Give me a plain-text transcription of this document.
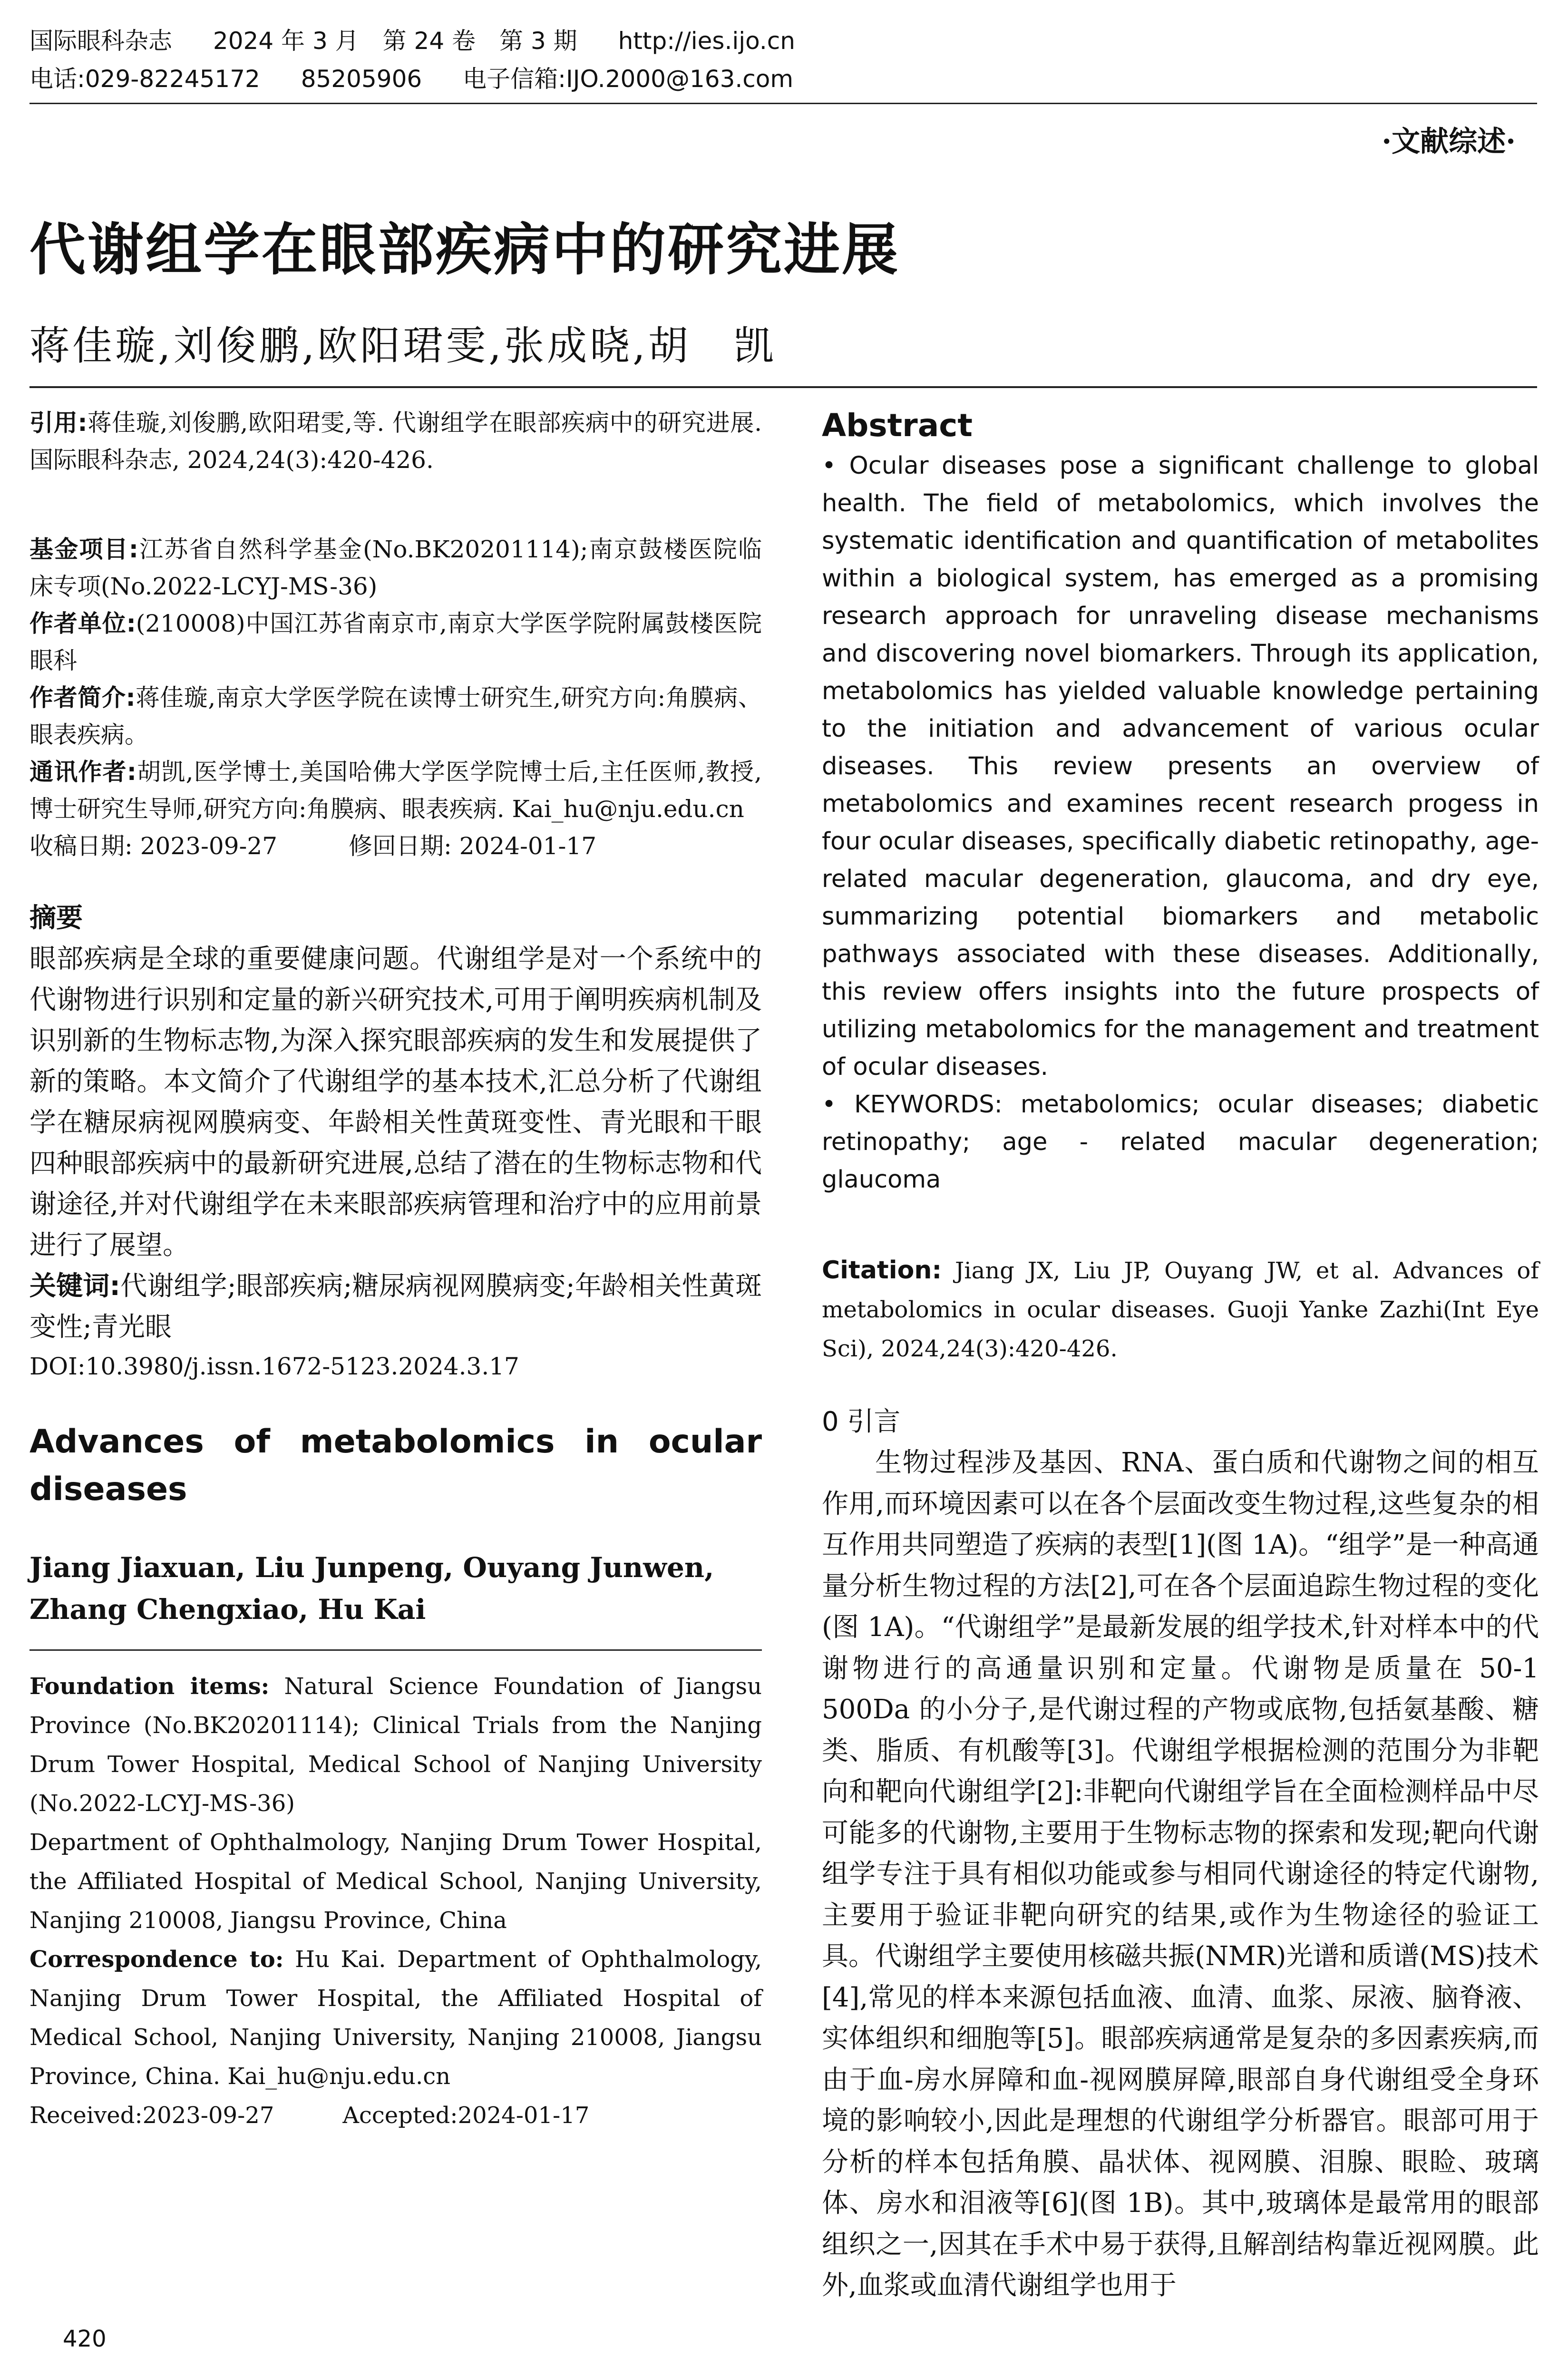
国际眼科杂志 2024 年 3 月　第 24 卷　第 3 期 http://ies.ijo.cn
电话:029-82245172 85205906 电子信箱:IJO.2000@163.com
·文献综述·
代谢组学在眼部疾病中的研究进展
蒋佳璇,刘俊鹏,欧阳珺雯,张成晓,胡　凯

引用:蒋佳璇,刘俊鹏,欧阳珺雯,等. 代谢组学在眼部疾病中的研究进展. 国际眼科杂志, 2024,24(3):420-426.

基金项目:江苏省自然科学基金(No.BK20201114);南京鼓楼医院临床专项(No.2022-LCYJ-MS-36)

作者单位:(210008)中国江苏省南京市,南京大学医学院附属鼓楼医院眼科

作者简介:蒋佳璇,南京大学医学院在读博士研究生,研究方向:角膜病、眼表疾病。

通讯作者:胡凯,医学博士,美国哈佛大学医学院博士后,主任医师,教授,博士研究生导师,研究方向:角膜病、眼表疾病. Kai_hu@nju.edu.cn

收稿日期: 2023-09-27　　　	修回日期: 2024-01-17

摘要

眼部疾病是全球的重要健康问题。代谢组学是对一个系统中的代谢物进行识别和定量的新兴研究技术,可用于阐明疾病机制及识别新的生物标志物,为深入探究眼部疾病的发生和发展提供了新的策略。本文简介了代谢组学的基本技术,汇总分析了代谢组学在糖尿病视网膜病变、年龄相关性黄斑变性、青光眼和干眼四种眼部疾病中的最新研究进展,总结了潜在的生物标志物和代谢途径,并对代谢组学在未来眼部疾病管理和治疗中的应用前景进行了展望。

关键词:代谢组学;眼部疾病;糖尿病视网膜病变;年龄相关性黄斑变性;青光眼

DOI:10.3980/j.issn.1672-5123.2024.3.17

Advances of metabolomics in ocular diseases
Jiang Jiaxuan, Liu Junpeng, Ouyang Junwen, Zhang Chengxiao, Hu Kai

Foundation items: Natural Science Foundation of Jiangsu Province (No.BK20201114); Clinical Trials from the Nanjing Drum Tower Hospital, Medical School of Nanjing University (No.2022-LCYJ-MS-36)

Department of Ophthalmology, Nanjing Drum Tower Hospital, the Affiliated Hospital of Medical School, Nanjing University, Nanjing 210008, Jiangsu Province, China

Correspondence to: Hu Kai. Department of Ophthalmology, Nanjing Drum Tower Hospital, the Affiliated Hospital of Medical School, Nanjing University, Nanjing 210008, Jiangsu Province, China. Kai_hu@nju.edu.cn

Received:2023-09-27　　　	Accepted:2024-01-17

Abstract

• Ocular diseases pose a significant challenge to global health. The field of metabolomics, which involves the systematic identification and quantification of metabolites within a biological system, has emerged as a promising research approach for unraveling disease mechanisms and discovering novel biomarkers. Through its application, metabolomics has yielded valuable knowledge pertaining to the initiation and advancement of various ocular diseases. This review presents an overview of metabolomics and examines recent research progess in four ocular diseases, specifically diabetic retinopathy, age-related macular degeneration, glaucoma, and dry eye, summarizing potential biomarkers and metabolic pathways associated with these diseases. Additionally, this review offers insights into the future prospects of utilizing metabolomics for the management and treatment of ocular diseases.

• KEYWORDS: metabolomics; ocular diseases; diabetic retinopathy; age - related macular degeneration; glaucoma

Citation: Jiang JX, Liu JP, Ouyang JW, et al. Advances of metabolomics in ocular diseases. Guoji Yanke Zazhi(Int Eye Sci), 2024,24(3):420-426.

0 引言

生物过程涉及基因、RNA、蛋白质和代谢物之间的相互作用,而环境因素可以在各个层面改变生物过程,这些复杂的相互作用共同塑造了疾病的表型[1](图 1A)。“组学”是一种高通量分析生物过程的方法[2],可在各个层面追踪生物过程的变化(图 1A)。“代谢组学”是最新发展的组学技术,针对样本中的代谢物进行的高通量识别和定量。代谢物是质量在 50-1 500Da 的小分子,是代谢过程的产物或底物,包括氨基酸、糖类、脂质、有机酸等[3]。代谢组学根据检测的范围分为非靶向和靶向代谢组学[2]:非靶向代谢组学旨在全面检测样品中尽可能多的代谢物,主要用于生物标志物的探索和发现;靶向代谢组学专注于具有相似功能或参与相同代谢途径的特定代谢物,主要用于验证非靶向研究的结果,或作为生物途径的验证工具。代谢组学主要使用核磁共振(NMR)光谱和质谱(MS)技术[4],常见的样本来源包括血液、血清、血浆、尿液、脑脊液、实体组织和细胞等[5]。眼部疾病通常是复杂的多因素疾病,而由于血-房水屏障和血-视网膜屏障,眼部自身代谢组受全身环境的影响较小,因此是理想的代谢组学分析器官。眼部可用于分析的样本包括角膜、晶状体、视网膜、泪腺、眼睑、玻璃体、房水和泪液等[6](图 1B)。其中,玻璃体是最常用的眼部组织之一,因其在手术中易于获得,且解剖结构靠近视网膜。此外,血浆或血清代谢组学也用于

420
